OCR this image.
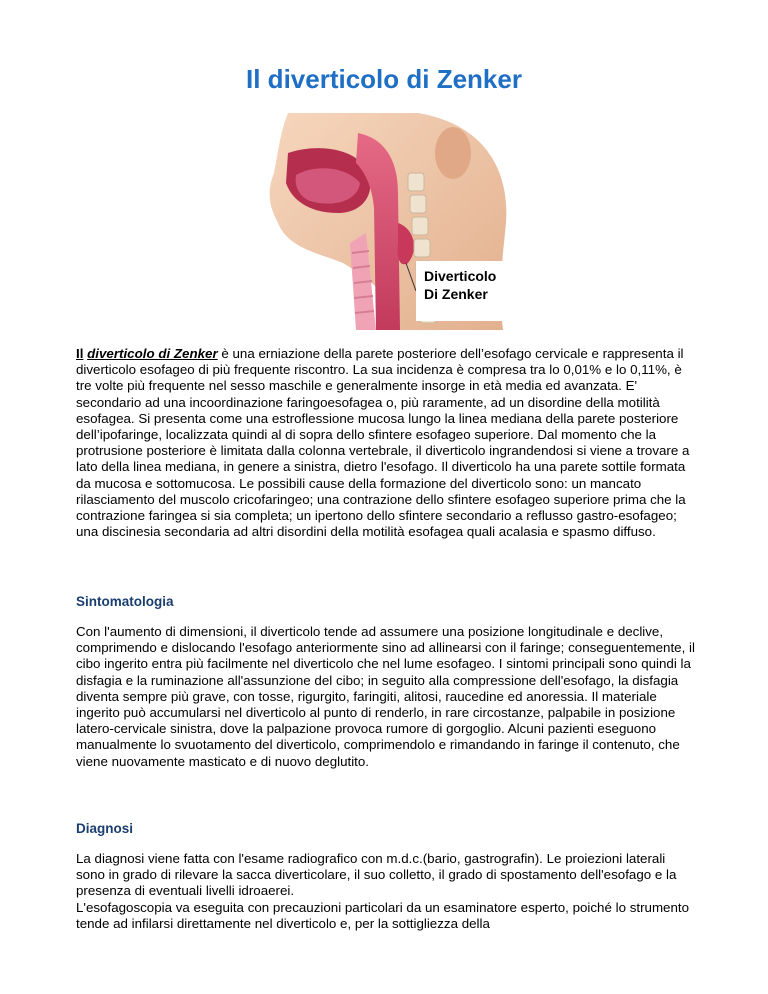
Il diverticolo di Zenker
Diverticolo
Di Zenker

Il diverticolo di Zenker è una erniazione della parete posteriore dell’esofago cervicale e rappresenta il diverticolo esofageo di più frequente riscontro. La sua incidenza è compresa tra lo 0,01% e lo 0,11%, è tre volte più frequente nel sesso maschile e generalmente insorge in età media ed avanzata. E' secondario ad una incoordinazione faringoesofagea o, più raramente, ad un disordine della motilità esofagea. Si presenta come una estroflessione mucosa lungo la linea mediana della parete posteriore dell’ipofaringe, localizzata quindi al di sopra dello sfintere esofageo superiore. Dal momento che la protrusione posteriore è limitata dalla colonna vertebrale, il diverticolo ingrandendosi si viene a trovare a lato della linea mediana, in genere a sinistra, dietro l'esofago. Il diverticolo ha una parete sottile formata da mucosa e sottomucosa. Le possibili cause della formazione del diverticolo sono: un mancato rilasciamento del muscolo cricofaringeo; una contrazione dello sfintere esofageo superiore prima che la contrazione faringea si sia completa; un ipertono dello sfintere secondario a reflusso gastro-esofageo; una discinesia secondaria ad altri disordini della motilità esofagea quali acalasia e spasmo diffuso.

Sintomatologia

Con l'aumento di dimensioni, il diverticolo tende ad assumere una posizione longitudinale e declive, comprimendo e dislocando l'esofago anteriormente sino ad allinearsi con il faringe; conseguentemente, il cibo ingerito entra più facilmente nel diverticolo che nel lume esofageo. I sintomi principali sono quindi la disfagia e la ruminazione all'assunzione del cibo; in seguito alla compressione dell'esofago, la disfagia diventa sempre più grave, con tosse, rigurgito, faringiti, alitosi, raucedine ed anoressia. Il materiale ingerito può accumularsi nel diverticolo al punto di renderlo, in rare circostanze, palpabile in posizione latero-cervicale sinistra, dove la palpazione provoca rumore di gorgoglio. Alcuni pazienti eseguono manualmente lo svuotamento del diverticolo, comprimendolo e rimandando in faringe il contenuto, che viene nuovamente masticato e di nuovo deglutito.

Diagnosi

La diagnosi viene fatta con l'esame radiografico con m.d.c.(bario, gastrografin). Le proiezioni laterali sono in grado di rilevare la sacca diverticolare, il suo colletto, il grado di spostamento dell'esofago e la presenza di eventuali livelli idroaerei.
L'esofagoscopia va eseguita con precauzioni particolari da un esaminatore esperto, poiché lo strumento tende ad infilarsi direttamente nel diverticolo e, per la sottigliezza della
